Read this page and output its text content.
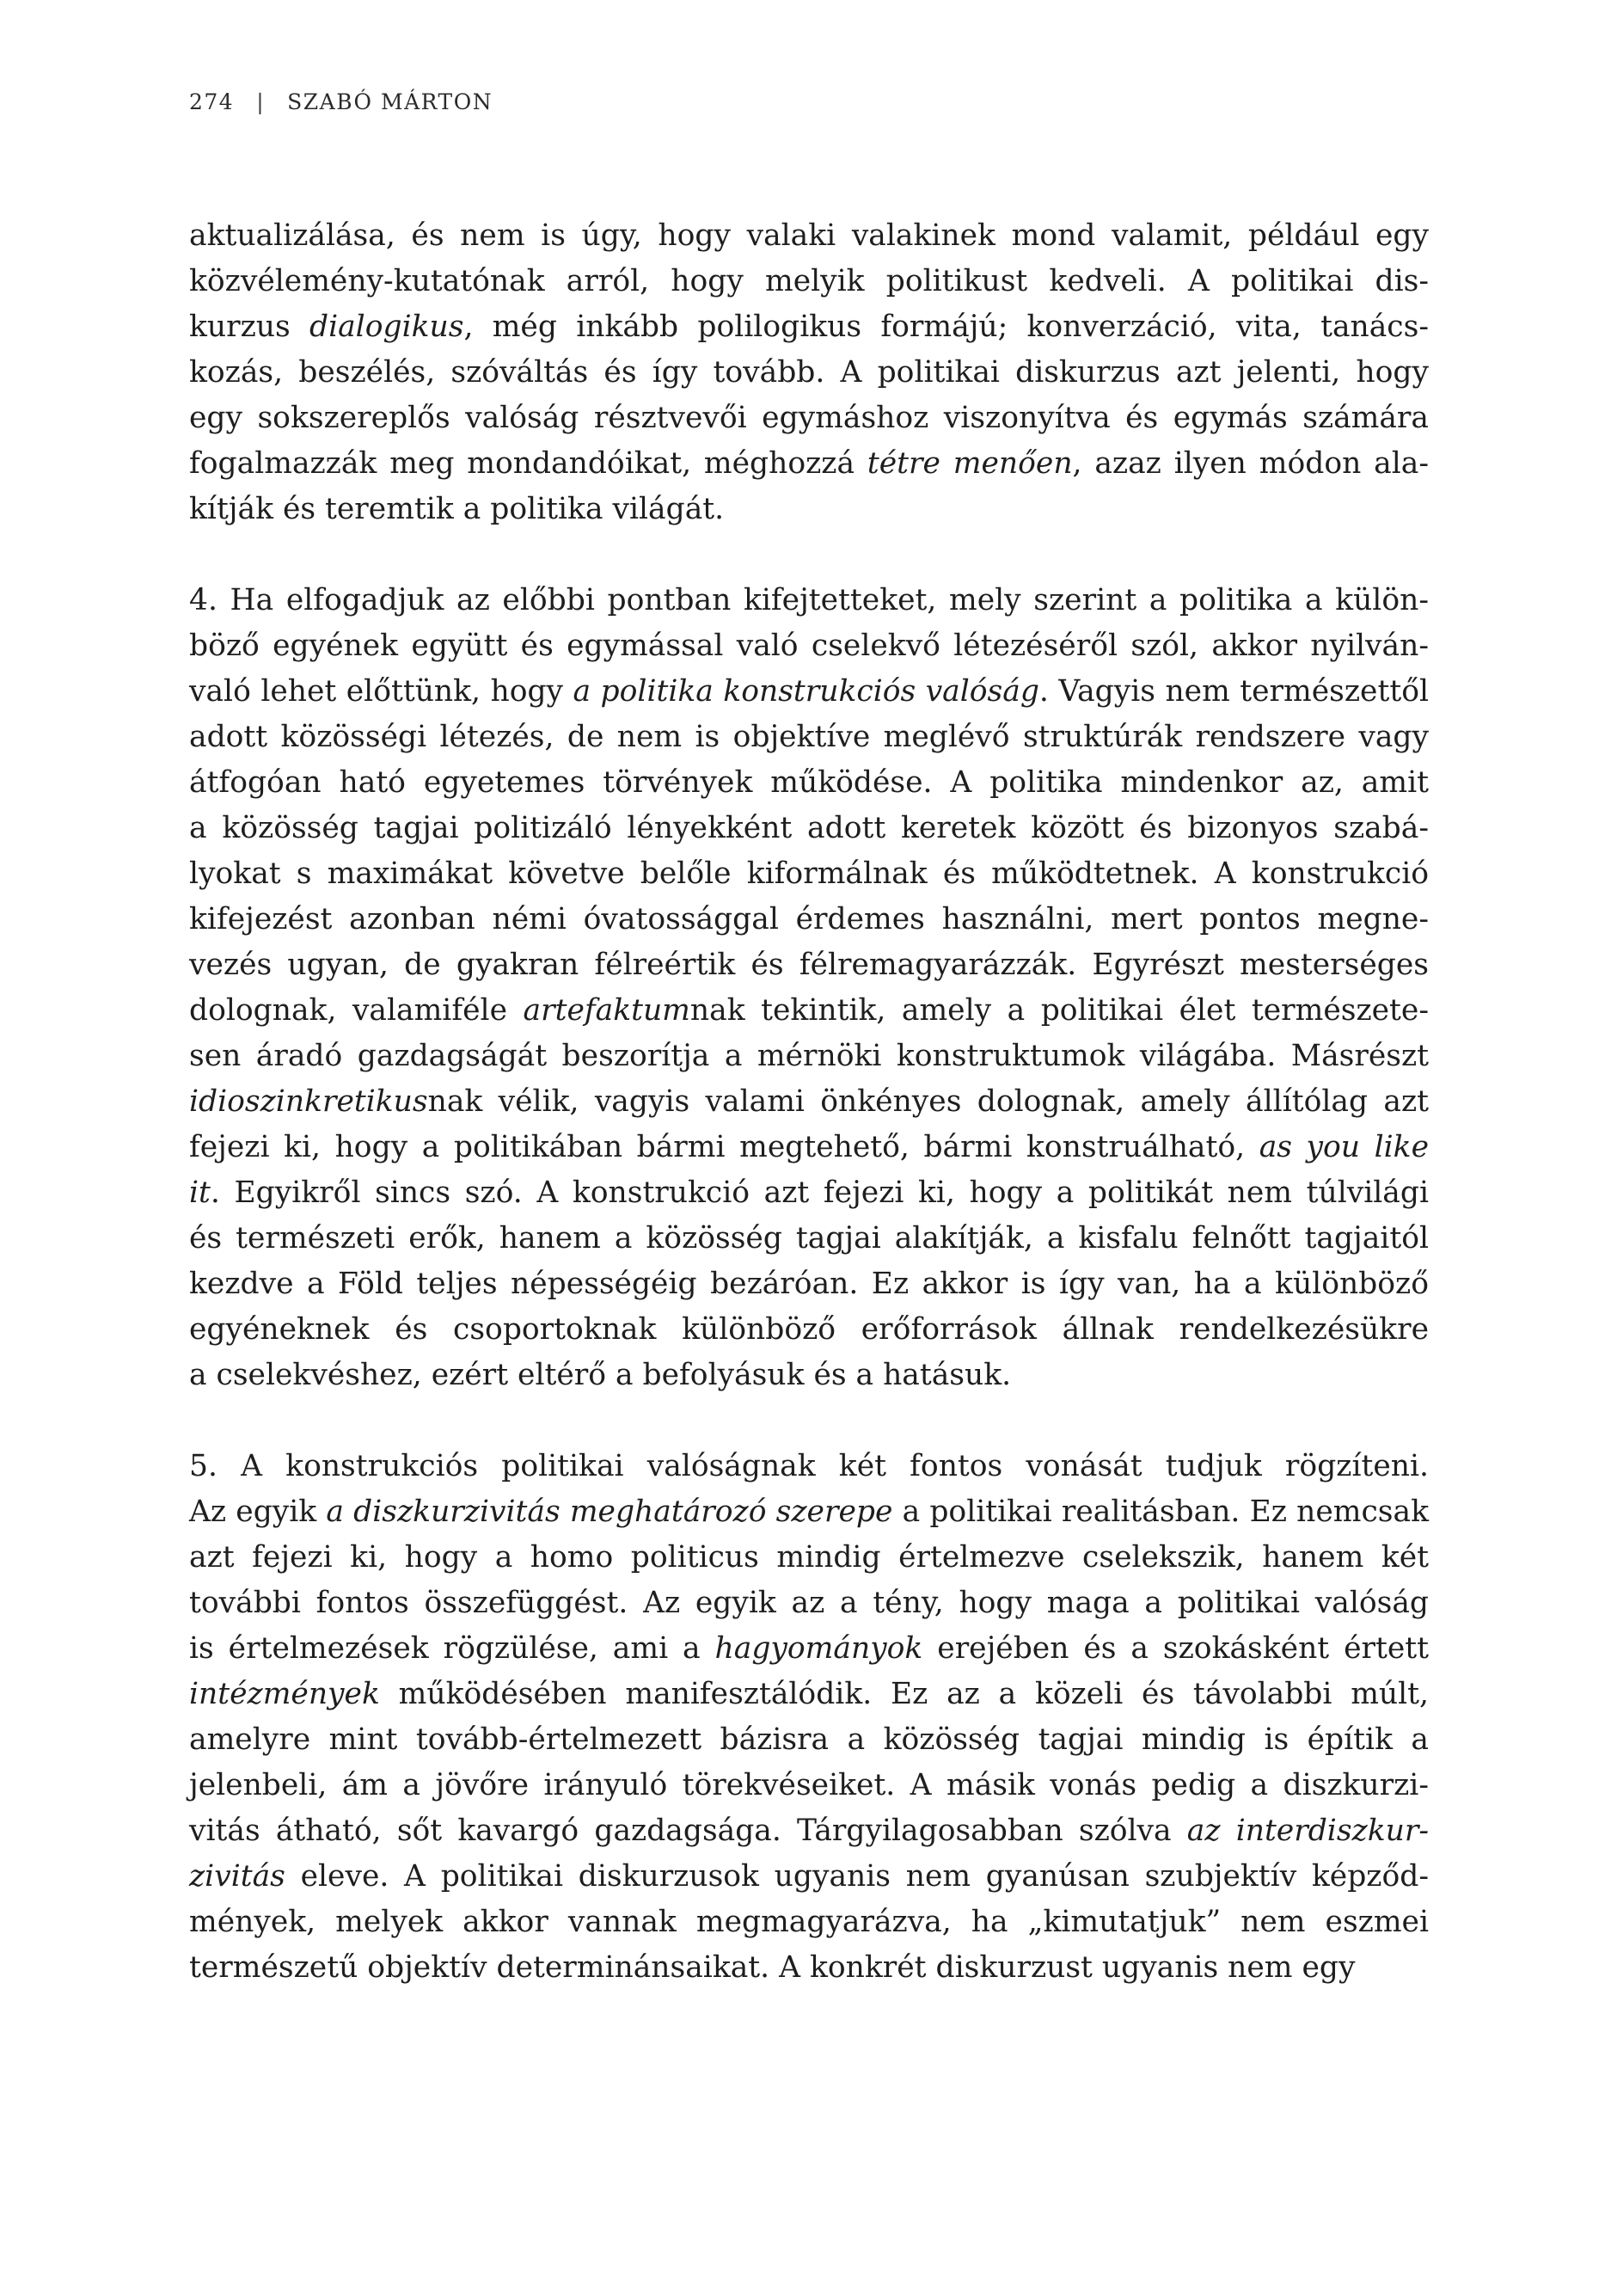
274 | SZABÓ MÁRTON
aktualizálása, és nem is úgy, hogy valaki valakinek mond valamit, például egy
közvélemény-kutatónak arról, hogy melyik politikust kedveli. A politikai dis-
kurzus dialogikus, még inkább polilogikus formájú; konverzáció, vita, tanács-
kozás, beszélés, szóváltás és így tovább. A politikai diskurzus azt jelenti, hogy
egy sokszereplős valóság résztvevői egymáshoz viszonyítva és egymás számára
fogalmazzák meg mondandóikat, méghozzá tétre menően, azaz ilyen módon ala-
kítják és teremtik a politika világát.
4. Ha elfogadjuk az előbbi pontban kifejtetteket, mely szerint a politika a külön-
böző egyének együtt és egymással való cselekvő létezéséről szól, akkor nyilván-
való lehet előttünk, hogy a politika konstrukciós valóság. Vagyis nem természettől
adott közösségi létezés, de nem is objektíve meglévő struktúrák rendszere vagy
átfogóan ható egyetemes törvények működése. A politika mindenkor az, amit
a közösség tagjai politizáló lényekként adott keretek között és bizonyos szabá-
lyokat s maximákat követve belőle kiformálnak és működtetnek. A konstrukció
kifejezést azonban némi óvatossággal érdemes használni, mert pontos megne-
vezés ugyan, de gyakran félreértik és félremagyarázzák. Egyrészt mesterséges
dolognak, valamiféle artefaktumnak tekintik, amely a politikai élet természete-
sen áradó gazdagságát beszorítja a mérnöki konstruktumok világába. Másrészt
idioszinkretikusnak vélik, vagyis valami önkényes dolognak, amely állítólag azt
fejezi ki, hogy a politikában bármi megtehető, bármi konstruálható, as you like
it. Egyikről sincs szó. A konstrukció azt fejezi ki, hogy a politikát nem túlvilági
és természeti erők, hanem a közösség tagjai alakítják, a kisfalu felnőtt tagjaitól
kezdve a Föld teljes népességéig bezáróan. Ez akkor is így van, ha a különböző
egyéneknek és csoportoknak különböző erőforrások állnak rendelkezésükre
a cselekvéshez, ezért eltérő a befolyásuk és a hatásuk.
5. A konstrukciós politikai valóságnak két fontos vonását tudjuk rögzíteni.
Az egyik a diszkurzivitás meghatározó szerepe a politikai realitásban. Ez nemcsak
azt fejezi ki, hogy a homo politicus mindig értelmezve cselekszik, hanem két
további fontos összefüggést. Az egyik az a tény, hogy maga a politikai valóság
is értelmezések rögzülése, ami a hagyományok erejében és a szokásként értett
intézmények működésében manifesztálódik. Ez az a közeli és távolabbi múlt,
amelyre mint tovább-értelmezett bázisra a közösség tagjai mindig is építik a
jelenbeli, ám a jövőre irányuló törekvéseiket. A másik vonás pedig a diszkurzi-
vitás átható, sőt kavargó gazdagsága. Tárgyilagosabban szólva az interdiszkur-
zivitás eleve. A politikai diskurzusok ugyanis nem gyanúsan szubjektív képződ-
mények, melyek akkor vannak megmagyarázva, ha „kimutatjuk” nem eszmei
természetű objektív determinánsaikat. A konkrét diskurzust ugyanis nem egy
